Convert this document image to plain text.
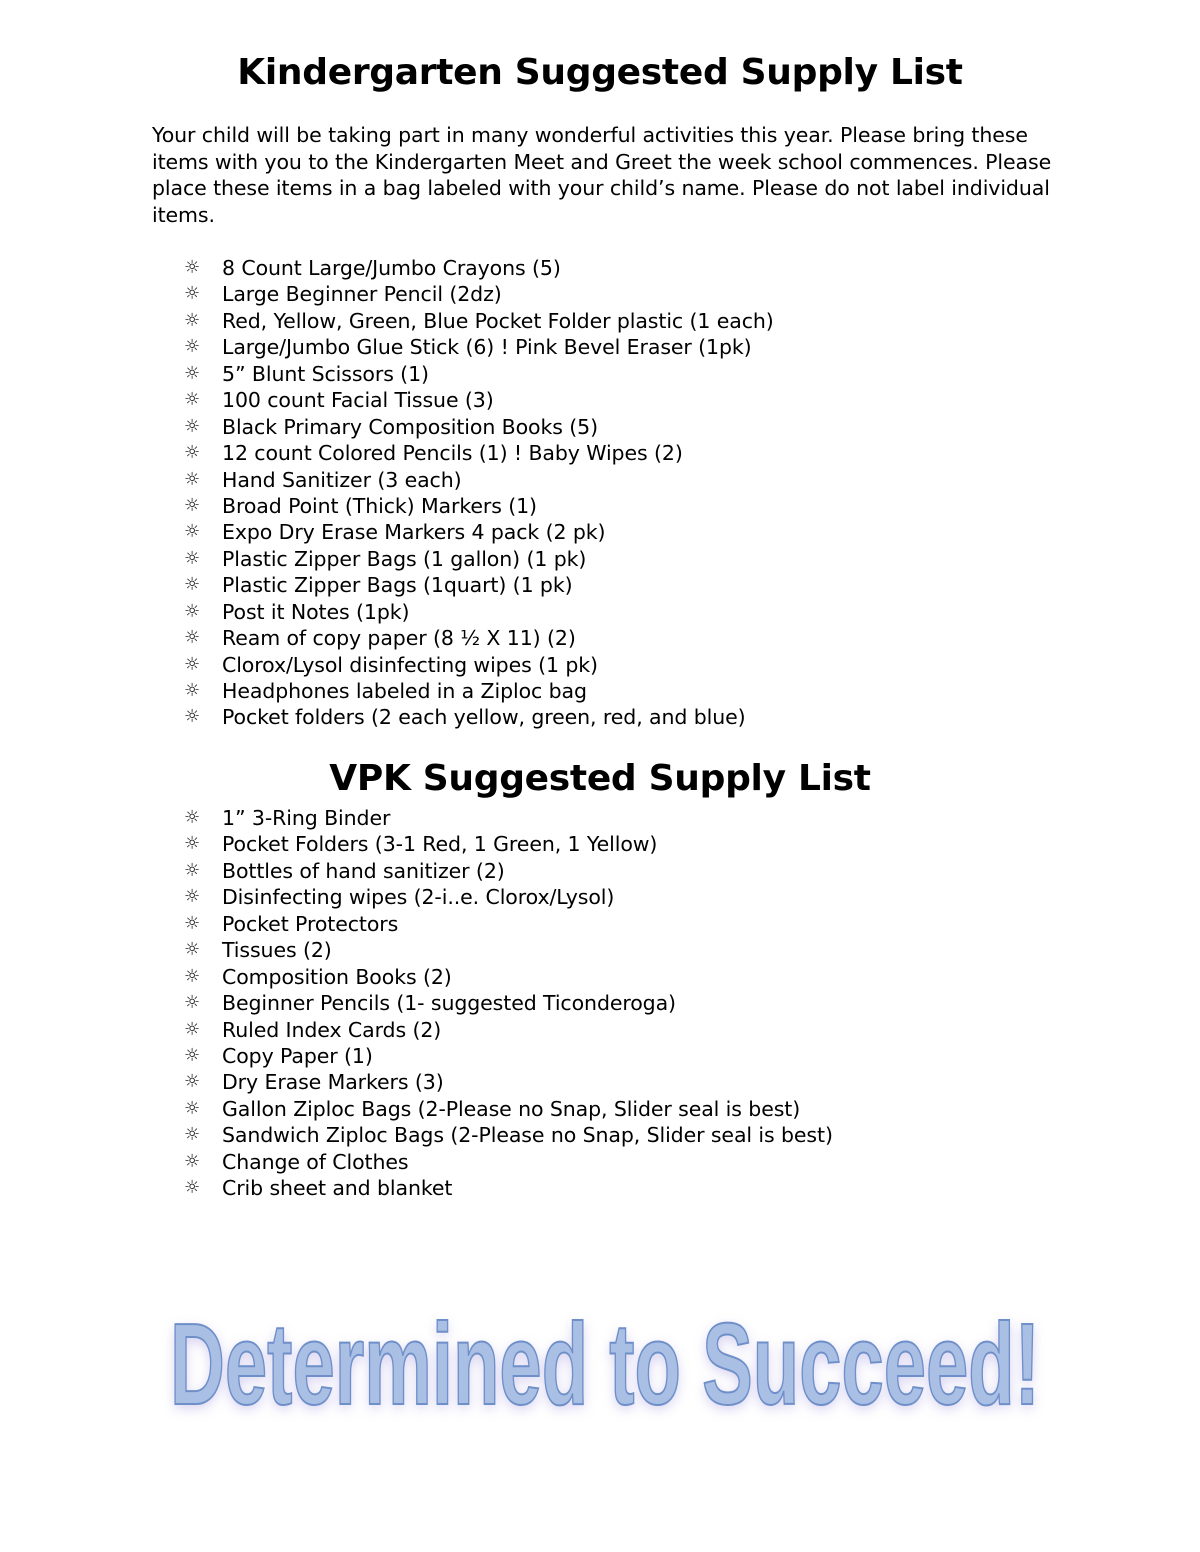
Kindergarten Suggested Supply List

Your child will be taking part in many wonderful activities this year. Please bring these items with you to the Kindergarten Meet and Greet the week school commences. Please place these items in a bag labeled with your child’s name. Please do not label individual items.

☼	8 Count Large/Jumbo Crayons (5)
☼	Large Beginner Pencil (2dz)
☼	Red, Yellow, Green, Blue Pocket Folder plastic (1 each)
☼	Large/Jumbo Glue Stick (6) ! Pink Bevel Eraser (1pk)
☼	5” Blunt Scissors (1)
☼	100 count Facial Tissue (3)
☼	Black Primary Composition Books (5)
☼	12 count Colored Pencils (1) ! Baby Wipes (2)
☼	Hand Sanitizer (3 each)
☼	Broad Point (Thick) Markers (1)
☼	Expo Dry Erase Markers 4 pack (2 pk)
☼	Plastic Zipper Bags (1 gallon) (1 pk)
☼	Plastic Zipper Bags (1quart) (1 pk)
☼	Post it Notes (1pk)
☼	Ream of copy paper (8 ½ X 11) (2)
☼	Clorox/Lysol disinfecting wipes (1 pk)
☼	Headphones labeled in a Ziploc bag
☼	Pocket folders (2 each yellow, green, red, and blue)
VPK Suggested Supply List
☼	1” 3-Ring Binder
☼	Pocket Folders (3-1 Red, 1 Green, 1 Yellow)
☼	Bottles of hand sanitizer (2)
☼	Disinfecting wipes (2-i..e. Clorox/Lysol)
☼	Pocket Protectors
☼	Tissues (2)
☼	Composition Books (2)
☼	Beginner Pencils (1- suggested Ticonderoga)
☼	Ruled Index Cards (2)
☼	Copy Paper (1)
☼	Dry Erase Markers (3)
☼	Gallon Ziploc Bags (2-Please no Snap, Slider seal is best)
☼	Sandwich Ziploc Bags (2-Please no Snap, Slider seal is best)
☼	Change of Clothes
☼	Crib sheet and blanket
Determined to Succeed!
Determined to Succeed!
